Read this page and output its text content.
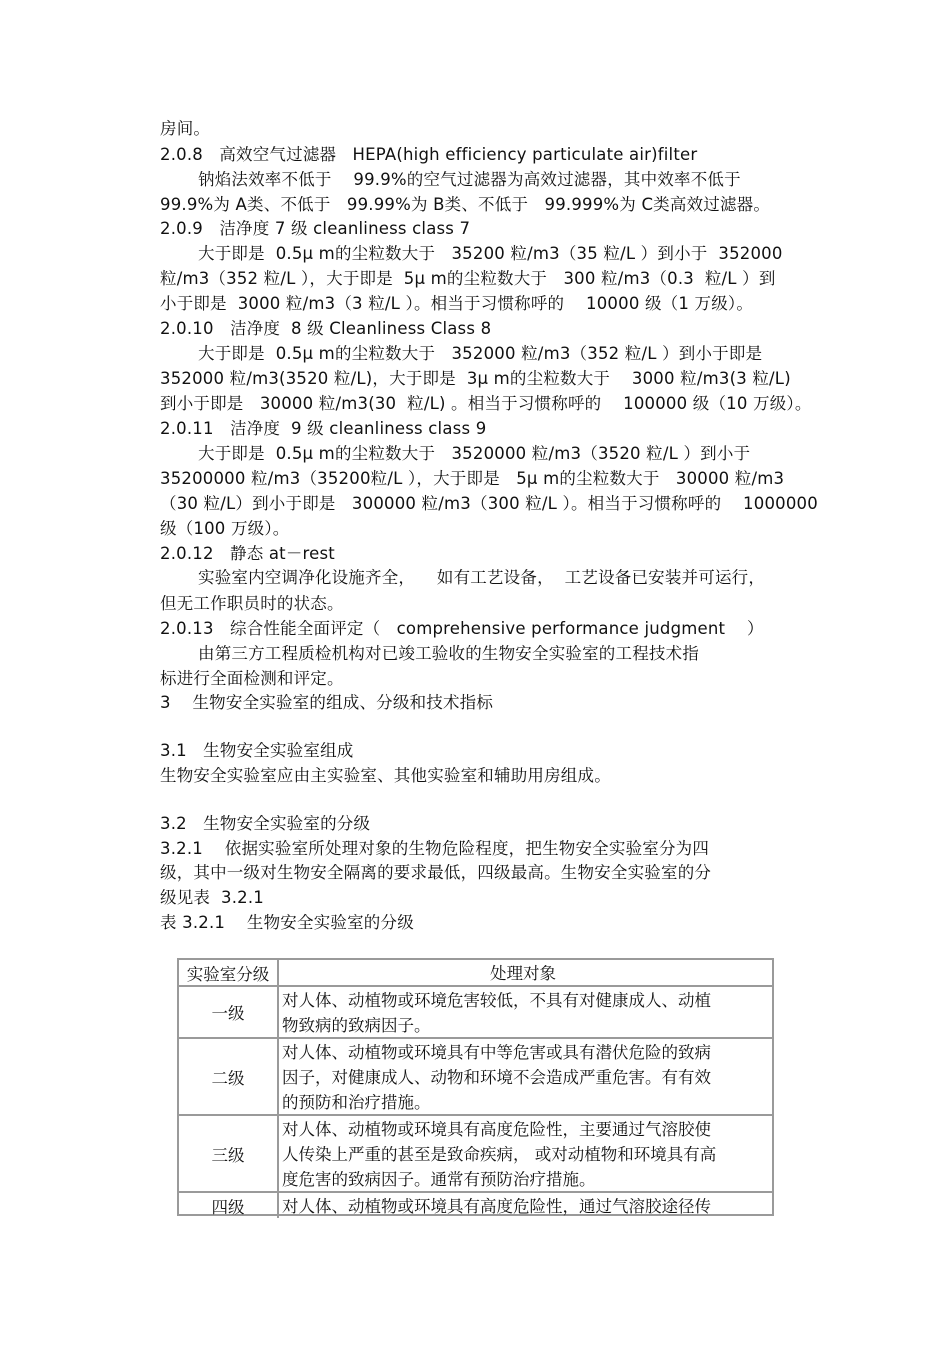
房间。
2.0.8   高效空气过滤器   HEPA(high efficiency particulate air)filter
钠焰法效率不低于    99.9%的空气过滤器为高效过滤器，其中效率不低于
99.9%为 A类、不低于   99.99%为 B类、不低于   99.999%为 C类高效过滤器。
2.0.9   洁净度 7 级 cleanliness class 7
大于即是  0.5μ m的尘粒数大于   35200 粒/m3（35 粒/L ）到小于  352000
粒/m3（352 粒/L ），大于即是  5μ m的尘粒数大于   300 粒/m3（0.3  粒/L ）到
小于即是  3000 粒/m3（3 粒/L ）。相当于习惯称呼的    10000 级（1 万级）。
2.0.10   洁净度  8 级 Cleanliness Class 8
大于即是  0.5μ m的尘粒数大于   352000 粒/m3（352 粒/L ）到小于即是
352000 粒/m3(3520 粒/L)，大于即是  3μ m的尘粒数大于    3000 粒/m3(3 粒/L)
到小于即是   30000 粒/m3(30  粒/L) 。相当于习惯称呼的    100000 级（10 万级）。
2.0.11   洁净度  9 级 cleanliness class 9
大于即是  0.5μ m的尘粒数大于   3520000 粒/m3（3520 粒/L ）到小于
35200000 粒/m3（35200粒/L ），大于即是   5μ m的尘粒数大于   30000 粒/m3
（30 粒/L）到小于即是   300000 粒/m3（300 粒/L ）。相当于习惯称呼的    1000000
级（100 万级）。
2.0.12   静态 at－rest
实验室内空调净化设施齐全，    如有工艺设备，  工艺设备已安装并可运行，
但无工作职员时的状态。
2.0.13   综合性能全面评定（   comprehensive performance judgment    ）
由第三方工程质检机构对已竣工验收的生物安全实验室的工程技术指
标进行全面检测和评定。
3    生物安全实验室的组成、分级和技术指标
3.1   生物安全实验室组成
生物安全实验室应由主实验室、其他实验室和辅助用房组成。
3.2   生物安全实验室的分级
3.2.1    依据实验室所处理对象的生物危险程度，把生物安全实验室分为四
级，其中一级对生物安全隔离的要求最低，四级最高。生物安全实验室的分
级见表  3.2.1
表 3.2.1    生物安全实验室的分级
实验室分级	处理对象
一级
对人体、动植物或环境危害较低，不具有对健康成人、动植
物致病的致病因子。
二级
对人体、动植物或环境具有中等危害或具有潜伏危险的致病
因子，对健康成人、动物和环境不会造成严重危害。有有效
的预防和治疗措施。
三级
对人体、动植物或环境具有高度危险性，主要通过气溶胶使
人传染上严重的甚至是致命疾病， 或对动植物和环境具有高
度危害的致病因子。通常有预防治疗措施。
四级	对人体、动植物或环境具有高度危险性，通过气溶胶途径传
